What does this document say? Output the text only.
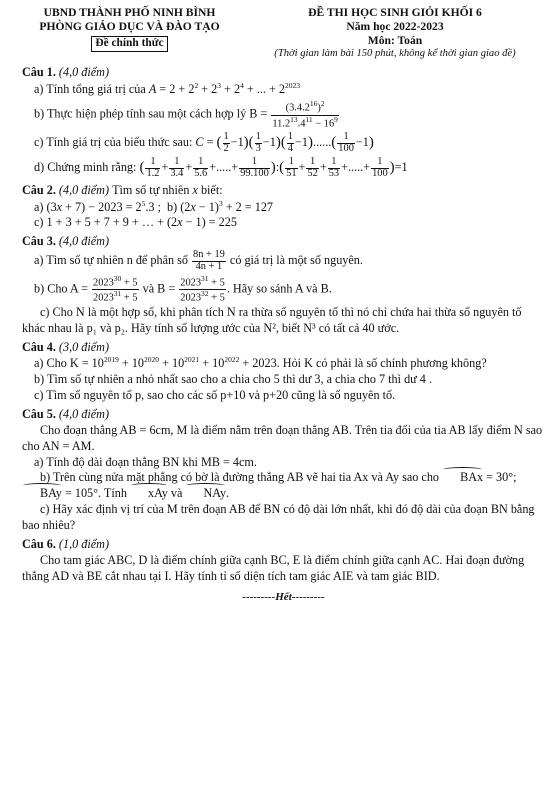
UBND THÀNH PHỐ NINH BÌNH
PHÒNG GIÁO DỤC VÀ ĐÀO TẠO
Đề chính thức
ĐỀ THI HỌC SINH GIỎI KHỐI 6
Năm học 2022-2023
Môn: Toán
(Thời gian làm bài 150 phút, không kể thời gian giao đề)
Câu 1. (4,0 điểm)
a) Tính tổng giá trị của $A = 2 + 2^2 + 2^3 + 2^4$ + ... + $2^{2023}$
b) Thực hiện phép tính sau một cách hợp lý $B = \frac{(3.4.2^{16})^2}{11.2^{13}.4^{11} - 16^9}$
c) Tính giá trị của biểu thức sau: C = ( $\frac{1}{2} -1)( \frac{1}{3} -1)( \frac{1}{4} -1)......( \frac{1}{100} -1)$
d) Chứng minh rằng: ( $\frac{1}{1.2} + \frac{1}{3.4} + \frac{1}{5.6}$ +.....+ $\frac{1}{99.100}$ ):( $\frac{1}{51} + \frac{1}{52} + \frac{1}{53}$ +.....+ $\frac{1}{100} )=1$
Câu 2. (4,0 điểm) Tìm số tự nhiên x biết:
a) $(3x + 7) - 2023 = 2^5.3$ ;  b) $(2x - 1)^3 + 2 = 127$
c) 1 + 3 + 5 + 7 + 9 + … + (2x − 1) = 225
Câu 3. (4,0 điểm)
a) Tìm số tự nhiên n để phân số $\frac{8n + 19}{4n + 1}$ có giá trị là một số nguyên.
b) Cho $A = \frac{2023^{30} + 5}{2023^{31} + 5}$ và $B = \frac{2023^{31} + 5}{2023^{32} + 5}$ . Hãy so sánh A và B.
c) Cho N là một hợp số, khi phân tích N ra thừa số nguyên tố thì nó chỉ chứa hai thừa số nguyên tố khác nhau là p₁ và p₂. Hãy tính số lượng ước của N², biết N³ có tất cả 40 ước.
Câu 4. (3,0 điểm)
a) Cho $K = 10^{2019} + 10^{2020} + 10^{2021} + 10^{2022} + 2023$. Hỏi K có phải là số chính phương không?
b) Tìm số tự nhiên a nhỏ nhất sao cho a chia cho 5 thì dư 3, a chia cho 7 thì dư 4 .
c) Tìm số nguyên tố p, sao cho các số p+10 và p+20 cũng là số nguyên tố.
Câu 5. (4,0 điểm)
Cho đoạn thẳng AB = 6cm, M là điểm nằm trên đoạn thẳng AB. Trên tia đối của tia AB lấy điểm N sao cho AN = AM.
a) Tính độ dài đoạn thẳng BN khi MB = 4cm.
b) Trên cùng nửa mặt phẳng có bờ là đường thẳng AB vẽ hai tia Ax và Ay sao cho BAx = 30°; BAy = 105°. Tính xAy và NAy.
c) Hãy xác định vị trí của M trên đoạn AB để BN có độ dài lớn nhất, khi đó độ dài của đoạn BN bằng bao nhiêu?
Câu 6. (1,0 điểm)
Cho tam giác ABC, D là điểm chính giữa cạnh BC, E là điểm chính giữa cạnh AC. Hai đoạn đường thẳng AD và BE cắt nhau tại I. Hãy tính tỉ số diện tích tam giác AIE và tam giác BID.
---------Hết---------
